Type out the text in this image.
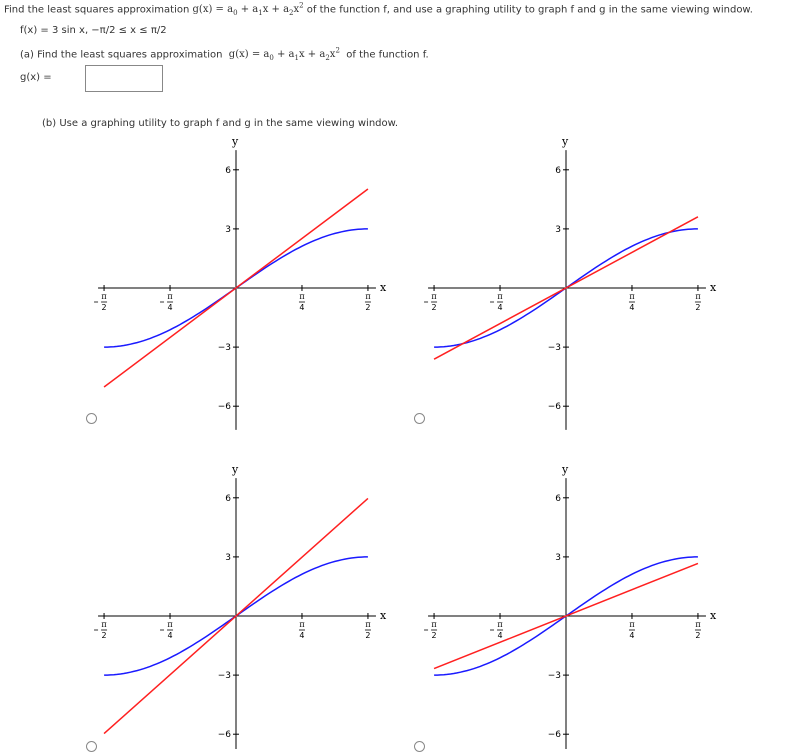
Find the least squares approximation $g(x) = a_0 + a_1x + a_2x^2$ of the function f, and use a graphing utility to graph f and g in the same viewing window.
f(x) = 3 sin x, −π/2 ≤ x ≤ π/2
(a) Find the least squares approximation  $g(x) = a_0 + a_1x + a_2x^2$  of the function f.
g(x) =
(b) Use a graphing utility to graph f and g in the same viewing window.
x
y
6
3
−3
−6
π
2
π
4
π
4
π
2
x
y
6
3
−3
−6
π
2
π
4
π
4
π
2
x
y
6
3
−3
−6
π
2
π
4
π
4
π
2
x
y
6
3
−3
−6
π
2
π
4
π
4
π
2
